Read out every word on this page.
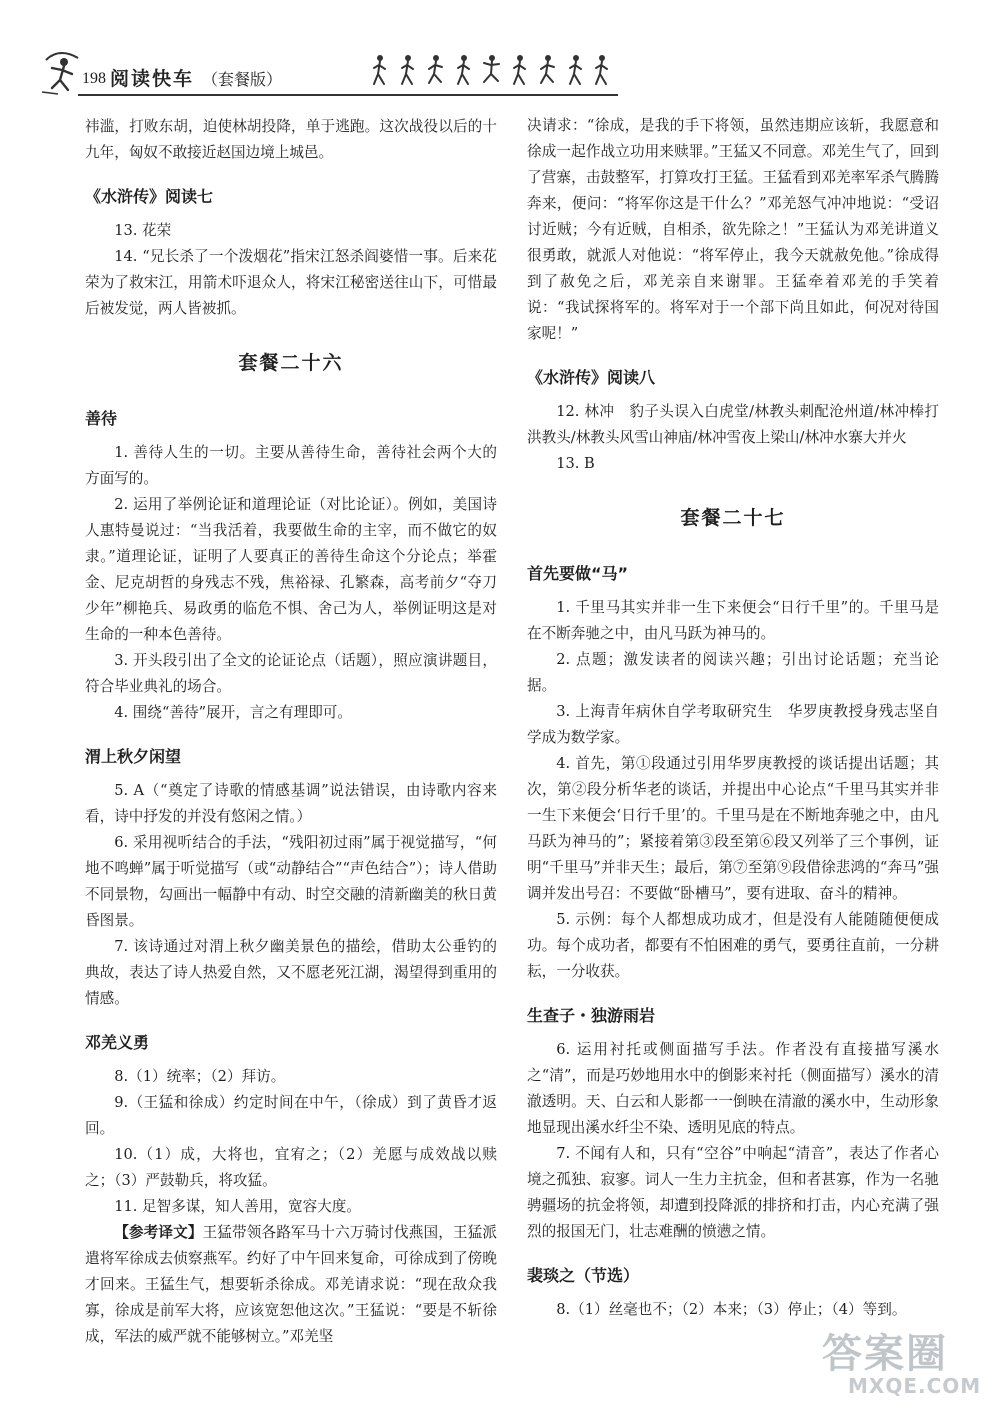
198 阅读快车 （套餐版）

祎滥，打败东胡，迫使林胡投降，单于逃跑。这次战役以后的十九年，匈奴不敢接近赵国边境上城邑。

《水浒传》阅读七

13. 花荣

14. “兄长杀了一个泼烟花”指宋江怒杀阎婆惜一事。后来花荣为了救宋江，用箭术吓退众人，将宋江秘密送往山下，可惜最后被发觉，两人皆被抓。

套餐二十六
善待

1. 善待人生的一切。主要从善待生命，善待社会两个大的方面写的。

2. 运用了举例论证和道理论证（对比论证）。例如，美国诗人惠特曼说过：“当我活着，我要做生命的主宰，而不做它的奴隶。”道理论证，证明了人要真正的善待生命这个分论点；举霍金、尼克胡哲的身残志不残，焦裕禄、孔繁森，高考前夕“夺刀少年”柳艳兵、易政勇的临危不惧、舍己为人，举例证明这是对生命的一种本色善待。

3. 开头段引出了全文的论证论点（话题），照应演讲题目，符合毕业典礼的场合。

4. 围绕“善待”展开，言之有理即可。

渭上秋夕闲望

5. A（“奠定了诗歌的情感基调”说法错误，由诗歌内容来看，诗中抒发的并没有悠闲之情。）

6. 采用视听结合的手法，“残阳初过雨”属于视觉描写，“何地不鸣蝉”属于听觉描写（或“动静结合”“声色结合”）；诗人借助不同景物，勾画出一幅静中有动、时空交融的清新幽美的秋日黄昏图景。

7. 该诗通过对渭上秋夕幽美景色的描绘，借助太公垂钓的典故，表达了诗人热爱自然，又不愿老死江湖，渴望得到重用的情感。

邓羌义勇

8.（1）统率；（2）拜访。

9.（王猛和徐成）约定时间在中午，（徐成）到了黄昏才返回。

10.（1）成，大将也，宜宥之；（2）羌愿与成效战以赎之；（3）严鼓勒兵，将攻猛。

11. 足智多谋，知人善用，宽容大度。

【参考译文】王猛带领各路军马十六万骑讨伐燕国，王猛派遣将军徐成去侦察燕军。约好了中午回来复命，可徐成到了傍晚才回来。王猛生气，想要斩杀徐成。邓羌请求说：“现在敌众我寡，徐成是前军大将，应该宽恕他这次。”王猛说：“要是不斩徐成，军法的威严就不能够树立。”邓羌坚

决请求：“徐成，是我的手下将领，虽然违期应该斩，我愿意和徐成一起作战立功用来赎罪。”王猛又不同意。邓羌生气了，回到了营寨，击鼓整军，打算攻打王猛。王猛看到邓羌率军杀气腾腾奔来，便问：“将军你这是干什么？”邓羌怒气冲冲地说：“受诏讨近贼；今有近贼，自相杀，欲先除之！”王猛认为邓羌讲道义很勇敢，就派人对他说：“将军停止，我今天就赦免他。”徐成得到了赦免之后，邓羌亲自来谢罪。王猛牵着邓羌的手笑着说：“我试探将军的。将军对于一个部下尚且如此，何况对待国家呢！”

《水浒传》阅读八

12. 林冲　豹子头误入白虎堂/林教头刺配沧州道/林冲棒打洪教头/林教头风雪山神庙/林冲雪夜上梁山/林冲水寨大并火

13. B

套餐二十七
首先要做“马”

1. 千里马其实并非一生下来便会“日行千里”的。千里马是在不断奔驰之中，由凡马跃为神马的。

2. 点题；激发读者的阅读兴趣；引出讨论话题；充当论据。

3. 上海青年病休自学考取研究生　华罗庚教授身残志坚自学成为数学家。

4. 首先，第①段通过引用华罗庚教授的谈话提出话题；其次，第②段分析华老的谈话，并提出中心论点“千里马其实并非一生下来便会‘日行千里’的。千里马是在不断地奔驰之中，由凡马跃为神马的”；紧接着第③段至第⑥段又列举了三个事例，证明“千里马”并非天生；最后，第⑦至第⑨段借徐悲鸿的“奔马”强调并发出号召：不要做“卧槽马”，要有进取、奋斗的精神。

5. 示例：每个人都想成功成才，但是没有人能随随便便成功。每个成功者，都要有不怕困难的勇气，要勇往直前，一分耕耘，一分收获。

生查子・独游雨岩

6. 运用衬托或侧面描写手法。作者没有直接描写溪水之“清”，而是巧妙地用水中的倒影来衬托（侧面描写）溪水的清澈透明。天、白云和人影都一一倒映在清澈的溪水中，生动形象地显现出溪水纤尘不染、透明见底的特点。

7. 不闻有人和，只有“空谷”中响起“清音”，表达了作者心境之孤独、寂寥。词人一生力主抗金，但和者甚寡，作为一名驰骋疆场的抗金将领，却遭到投降派的排挤和打击，内心充满了强烈的报国无门，壮志难酬的愤懑之情。

裴琰之（节选）

8.（1）丝毫也不；（2）本来；（3）停止；（4）等到。

答案圈
MXQE.COM
